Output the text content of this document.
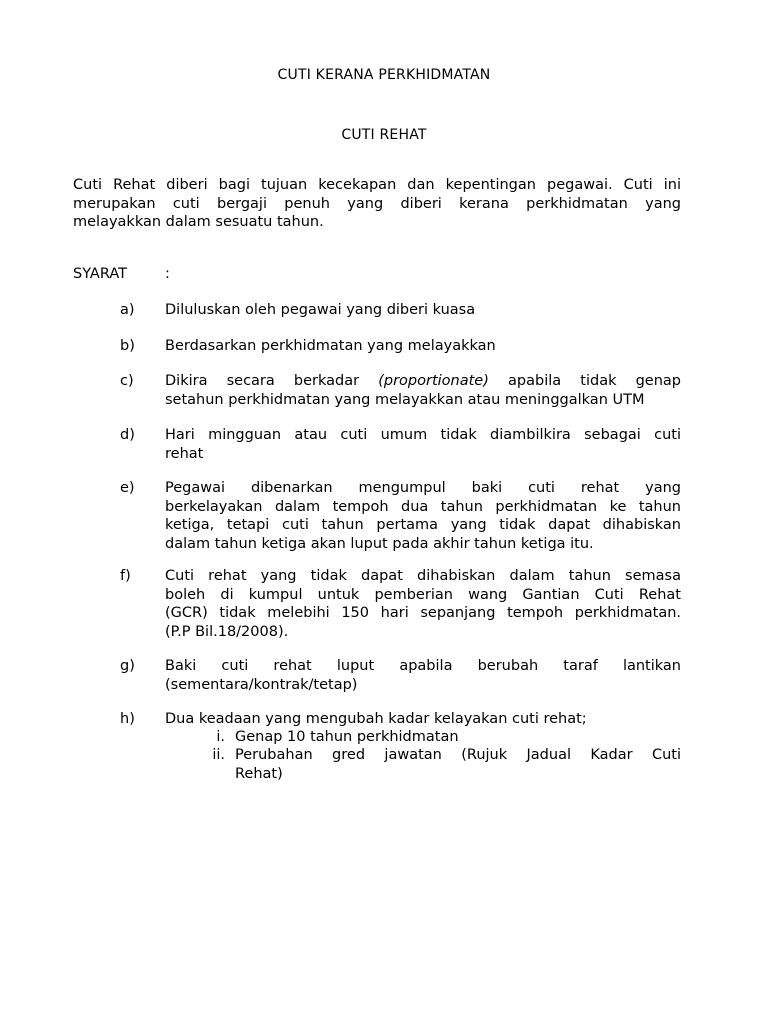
CUTI KERANA PERKHIDMATAN
CUTI REHAT
Cuti Rehat diberi bagi tujuan kecekapan dan kepentingan pegawai. Cuti ini
merupakan cuti bergaji penuh yang diberi kerana perkhidmatan yang
melayakkan dalam sesuatu tahun.
SYARAT	:
a) Diluluskan oleh pegawai yang diberi kuasa
b) Berdasarkan perkhidmatan yang melayakkan
c) Dikira secara berkadar (proportionate) apabila tidak genap
setahun perkhidmatan yang melayakkan atau meninggalkan UTM
d) Hari mingguan atau cuti umum tidak diambilkira sebagai cuti
rehat
e) Pegawai dibenarkan mengumpul baki cuti rehat yang
berkelayakan dalam tempoh dua tahun perkhidmatan ke tahun
ketiga, tetapi cuti tahun pertama yang tidak dapat dihabiskan
dalam tahun ketiga akan luput pada akhir tahun ketiga itu.
f) Cuti rehat yang tidak dapat dihabiskan dalam tahun semasa
boleh di kumpul untuk pemberian wang Gantian Cuti Rehat
(GCR) tidak melebihi 150 hari sepanjang tempoh perkhidmatan.
(P.P Bil.18/2008).
g) Baki cuti rehat luput apabila berubah taraf lantikan
(sementara/kontrak/tetap)
h) Dua keadaan yang mengubah kadar kelayakan cuti rehat;
i. Genap 10 tahun perkhidmatan
ii. Perubahan gred jawatan (Rujuk Jadual Kadar Cuti
Rehat)
